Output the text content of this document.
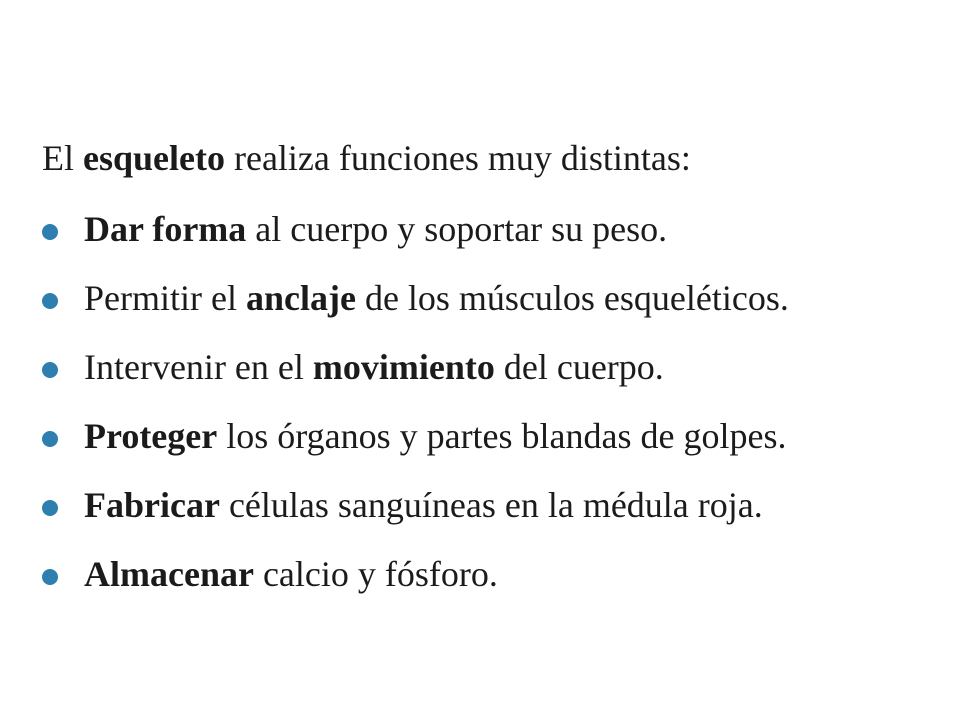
El esqueleto realiza funciones muy distintas:

Dar forma al cuerpo y soportar su peso.
Permitir el anclaje de los músculos esqueléticos.
Intervenir en el movimiento del cuerpo.
Proteger los órganos y partes blandas de golpes.
Fabricar células sanguíneas en la médula roja.
Almacenar calcio y fósforo.
